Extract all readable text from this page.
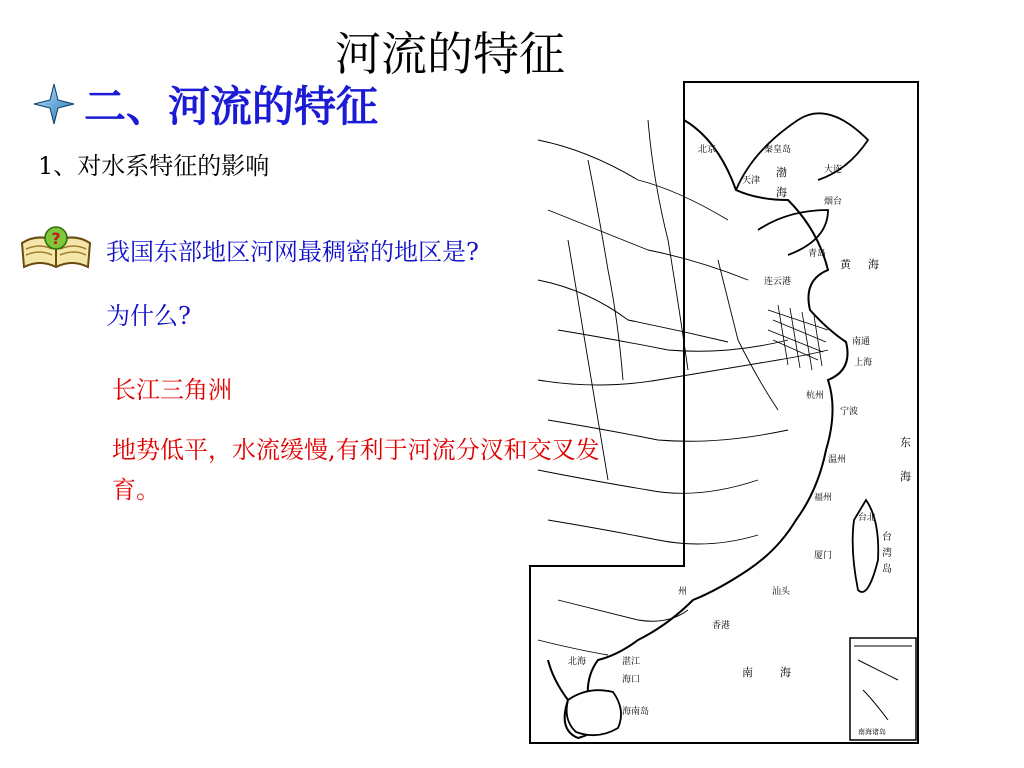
河流的特征
二、河流的特征
1、对水系特征的影响
? 我国东部地区河网最稠密的地区是?
为什么?
长江三角洲
地势低平，水流缓慢,有利于河流分汊和交叉发育。
北京	秦皇岛
天津
大连
渤
海
烟台
青岛
黄 海
连云港
南通
上海
杭州
宁波
东
海
温州
福州
台北
台
湾
岛
厦门
汕头
州
香港
北海	湛江
海口
海南岛
南 海
南海诸岛
